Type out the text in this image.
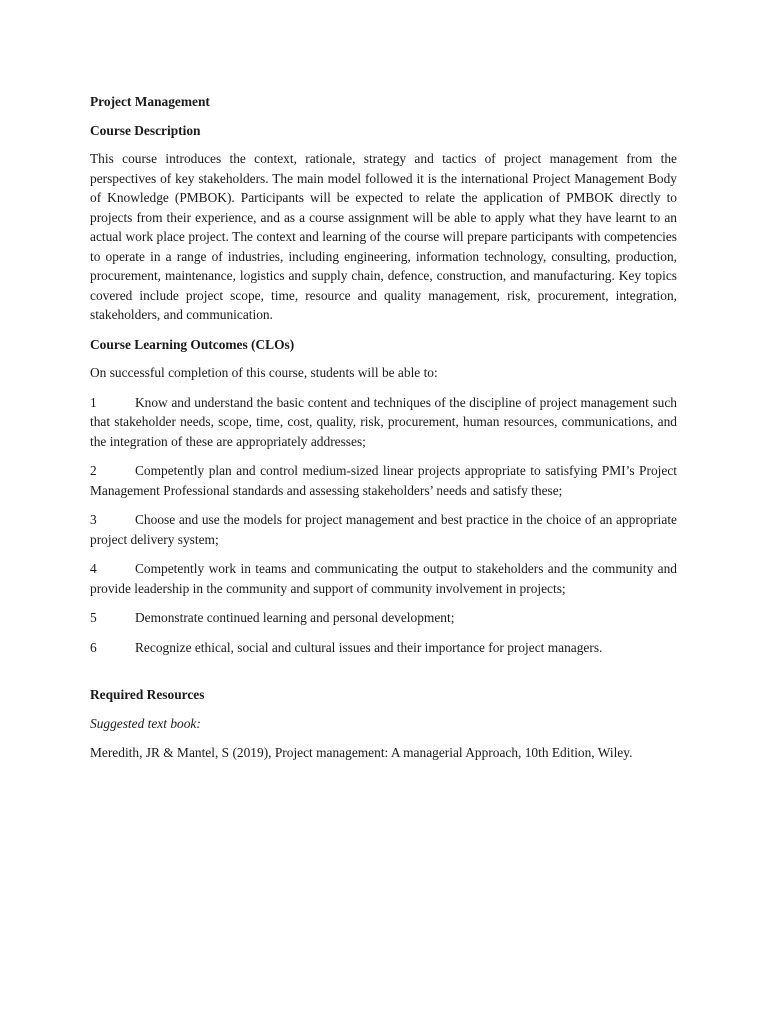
Project Management
Course Description

This course introduces the context, rationale, strategy and tactics of project management from the perspectives of key stakeholders. The main model followed it is the international Project Management Body of Knowledge (PMBOK). Participants will be expected to relate the application of PMBOK directly to projects from their experience, and as a course assignment will be able to apply what they have learnt to an actual work place project. The context and learning of the course will prepare participants with competencies to operate in a range of industries, including engineering, information technology, consulting, production, procurement, maintenance, logistics and supply chain, defence, construction, and manufacturing. Key topics covered include project scope, time, resource and quality management, risk, procurement, integration, stakeholders, and communication.

Course Learning Outcomes (CLOs)

On successful completion of this course, students will be able to:

1	Know and understand the basic content and techniques of the discipline of project management such that stakeholder needs, scope, time, cost, quality, risk, procurement, human resources, communications, and the integration of these are appropriately addresses;
2	Competently plan and control medium-sized linear projects appropriate to satisfying PMI’s Project Management Professional standards and assessing stakeholders’ needs and satisfy these;
3	Choose and use the models for project management and best practice in the choice of an appropriate project delivery system;
4	Competently work in teams and communicating the output to stakeholders and the community and provide leadership in the community and support of community involvement in projects;
5	Demonstrate continued learning and personal development;
6	Recognize ethical, social and cultural issues and their importance for project managers.
Required Resources

Suggested text book:

Meredith, JR & Mantel, S (2019), Project management: A managerial Approach, 10th Edition, Wiley.
